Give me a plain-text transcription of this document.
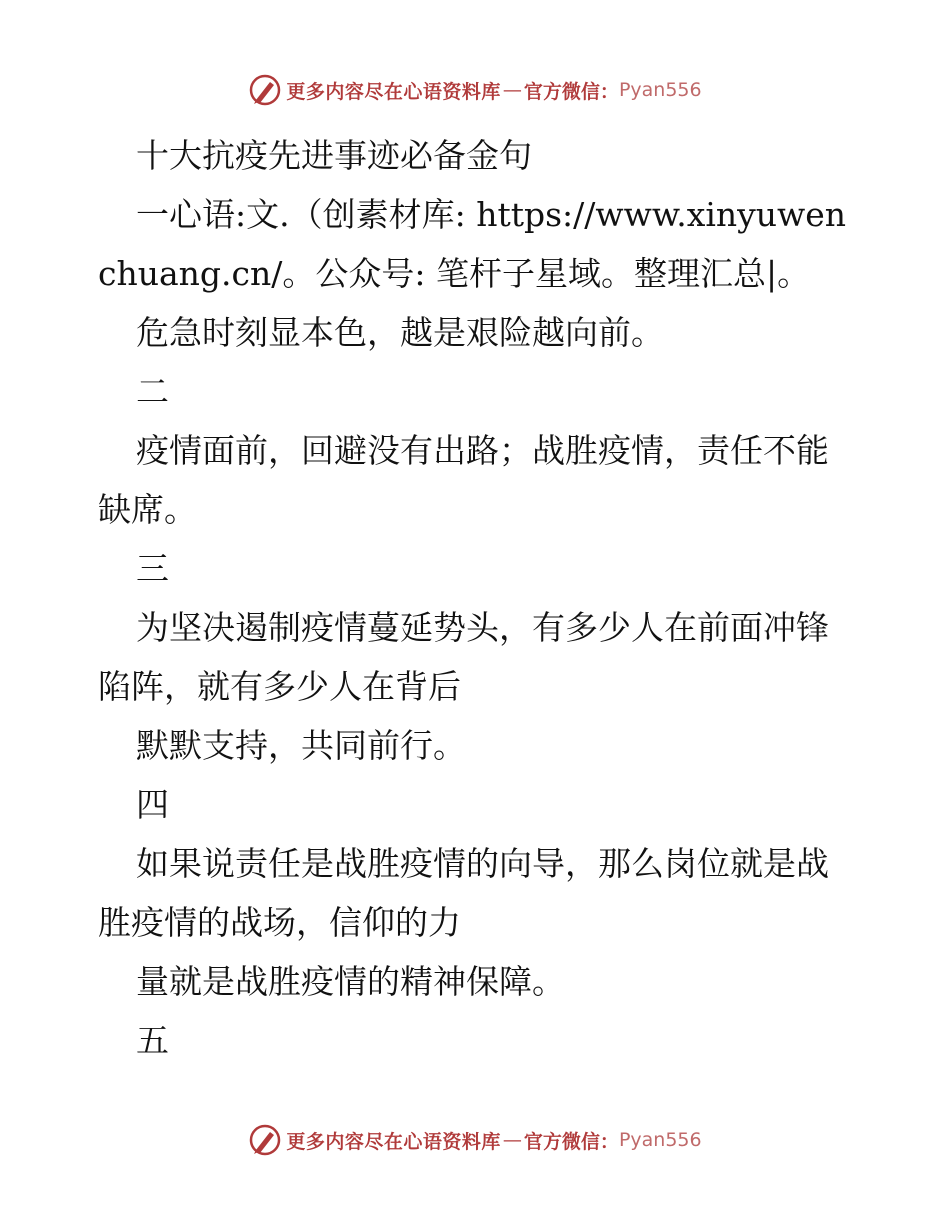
更多内容尽在心语资料库 — 官方微信： Pyan556

十大抗疫先进事迹必备金句

一心语:文.（创素材库: https://www.xinyuwenchuang.cn/。公众号: 笔杆子星域。整理汇总|。

危急时刻显本色，越是艰险越向前。

二

疫情面前，回避没有出路；战胜疫情，责任不能缺席。

三

为坚决遏制疫情蔓延势头，有多少人在前面冲锋陷阵，就有多少人在背后

默默支持，共同前行。

四

如果说责任是战胜疫情的向导，那么岗位就是战胜疫情的战场，信仰的力

量就是战胜疫情的精神保障。

五

更多内容尽在心语资料库 — 官方微信： Pyan556
